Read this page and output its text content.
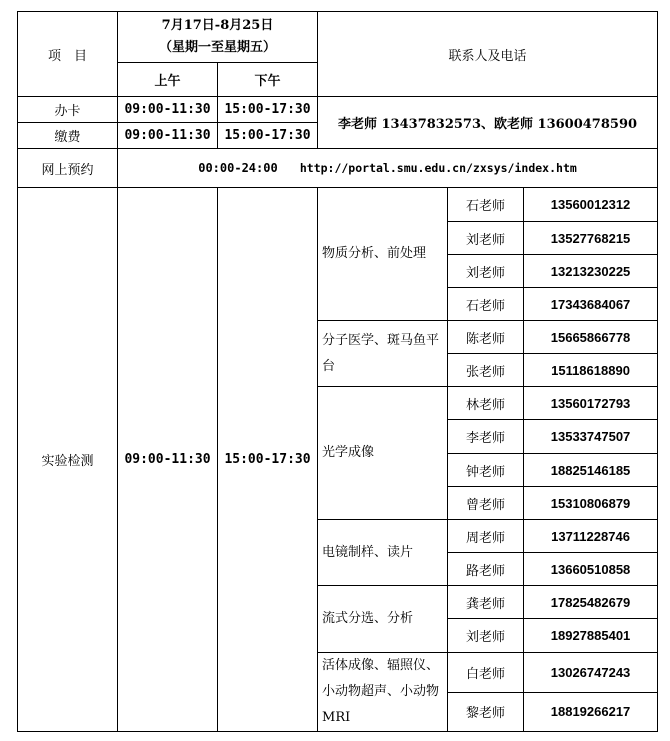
项　目	7月17日-8月25日
（星期一至星期五）		联系人及电话		
	上午	下午			
办卡	09:00-11:30	15:00-17:30	李老师 13437832573、欧老师 13600478590		
缴费	09:00-11:30	15:00-17:30			
网上预约	00:00-24:00 http://portal.smu.edu.cn/zxsys/index.htm				
实验检测	09:00-11:30	15:00-17:30	物质分析、前处理	石老师	13560012312
				刘老师	13527768215
				刘老师	13213230225
				石老师	17343684067
			分子医学、斑马鱼平台	陈老师	15665866778
				张老师	15118618890
			光学成像	林老师	13560172793
				李老师	13533747507
				钟老师	18825146185
				曾老师	15310806879
			电镜制样、读片	周老师	13711228746
				路老师	13660510858
			流式分选、分析	龚老师	17825482679
				刘老师	18927885401
			活体成像、辐照仪、小动物超声、小动物MRI	白老师	13026747243
				黎老师	18819266217
